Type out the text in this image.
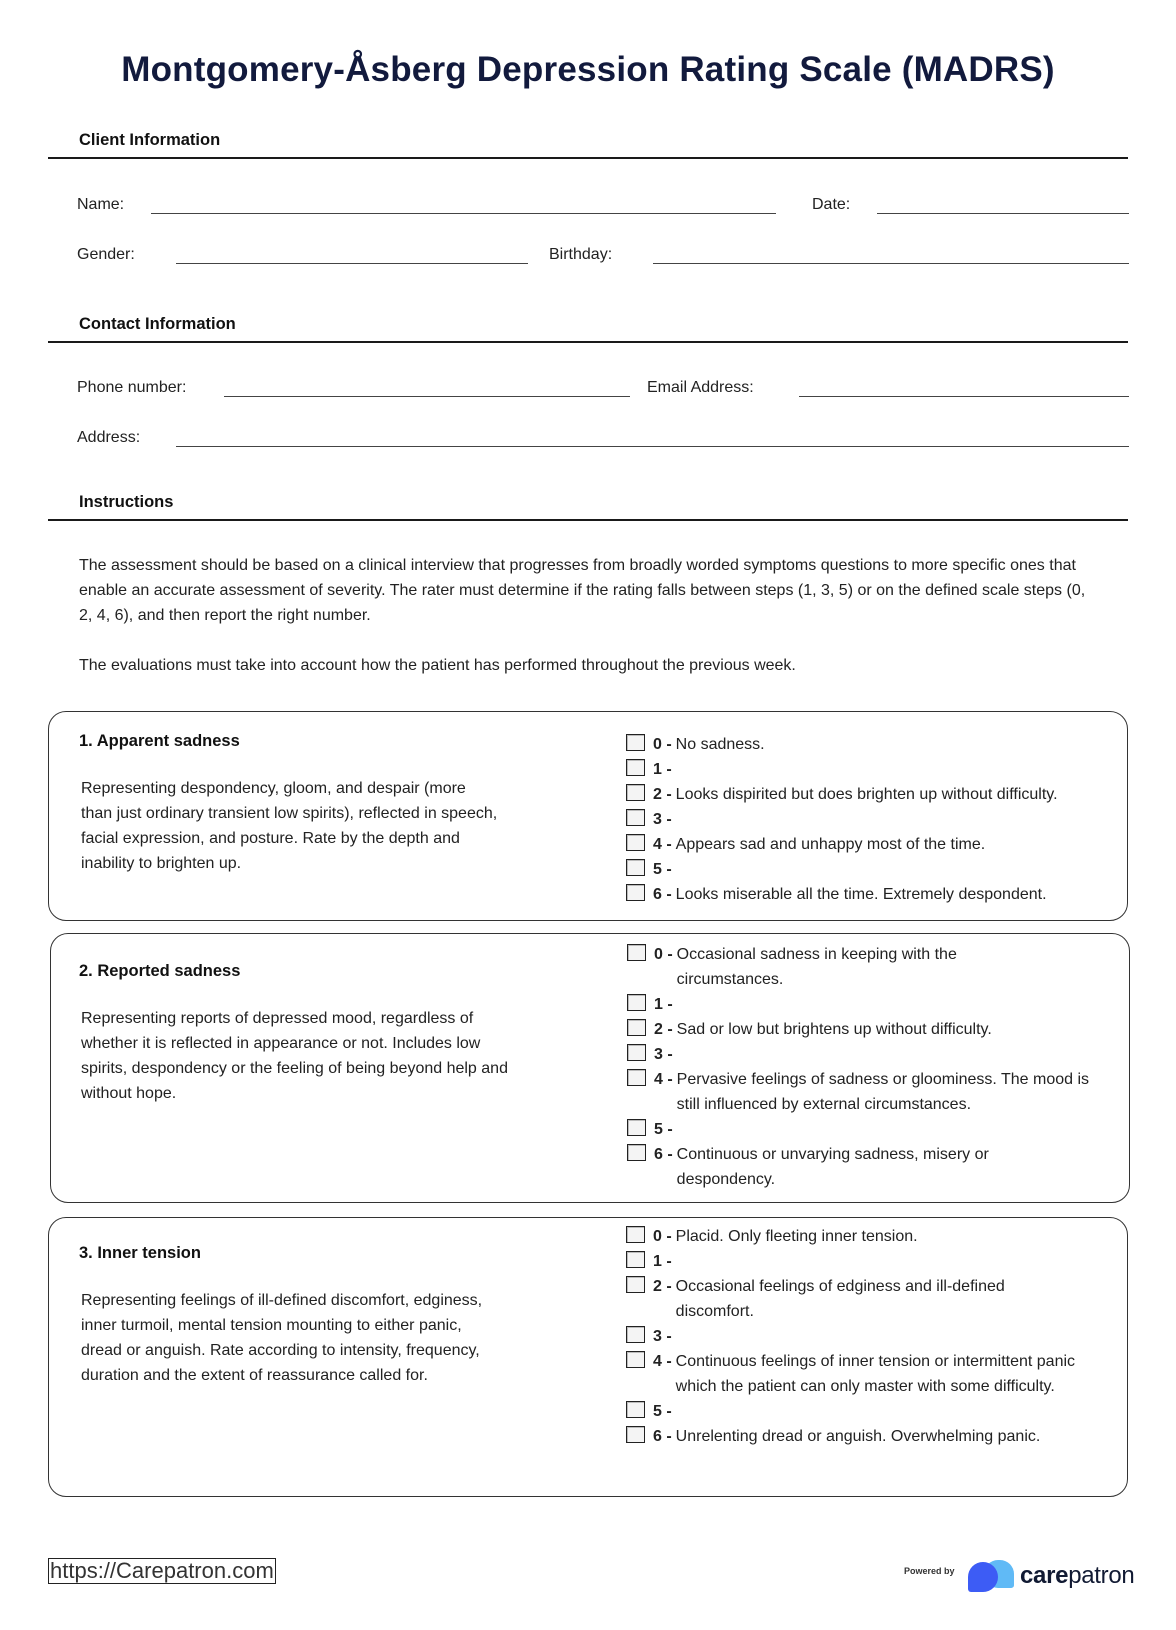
Montgomery-Åsberg Depression Rating Scale (MADRS)
Client Information
Name:	Date:
Gender:	Birthday:
Contact Information
Phone number:	Email Address:
Address:
Instructions

The assessment should be based on a clinical interview that progresses from broadly worded symptoms questions to more specific ones that enable an accurate assessment of severity. The rater must determine if the rating falls between steps (1, 3, 5) or on the defined scale steps (0, 2, 4, 6), and then report the right number.

The evaluations must take into account how the patient has performed throughout the previous week.

1. Apparent sadness
Representing despondency, gloom, and despair (more than just ordinary transient low spirits), reflected in speech, facial expression, and posture. Rate by the depth and inability to brighten up.
0 - No sadness.
1 -
2 - Looks dispirited but does brighten up without difficulty.
3 -
4 - Appears sad and unhappy most of the time.
5 -
6 - Looks miserable all the time. Extremely despondent.
2. Reported sadness
Representing reports of depressed mood, regardless of whether it is reflected in appearance or not. Includes low spirits, despondency or the feeling of being beyond help and without hope.
0 - Occasional sadness in keeping with the circumstances.
1 -
2 - Sad or low but brightens up without difficulty.
3 -
4 - Pervasive feelings of sadness or gloominess. The mood is still influenced by external circumstances.
5 -
6 - Continuous or unvarying sadness, misery or despondency.
3. Inner tension
Representing feelings of ill-defined discomfort, edginess, inner turmoil, mental tension mounting to either panic, dread or anguish. Rate according to intensity, frequency, duration and the extent of reassurance called for.
0 - Placid. Only fleeting inner tension.
1 -
2 - Occasional feelings of edginess and ill-defined discomfort.
3 -
4 - Continuous feelings of inner tension or intermittent panic which the patient can only master with some difficulty.
5 -
6 - Unrelenting dread or anguish. Overwhelming panic.
https://Carepatron.com	Powered by	carepatron
